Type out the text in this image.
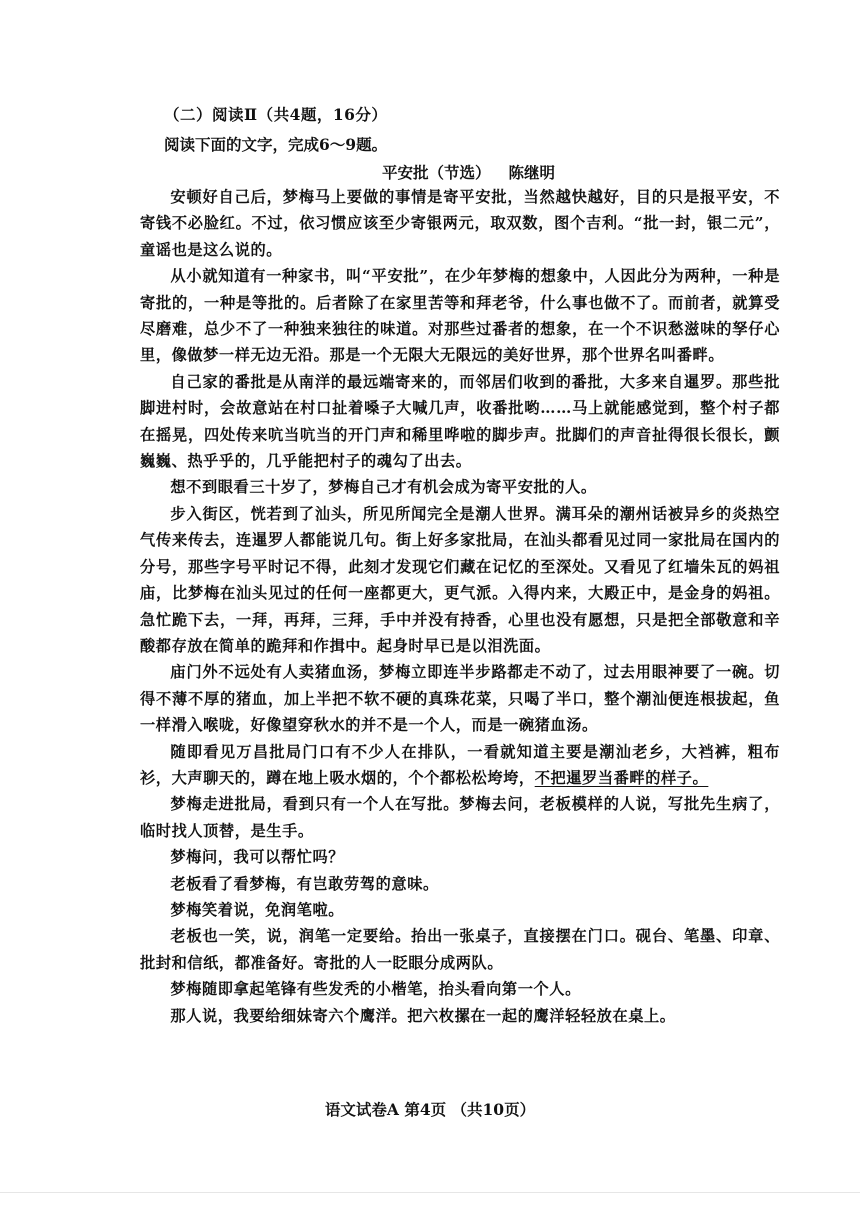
（二）阅读Ⅱ（共4题，16分）
阅读下面的文字，完成6～9题。
平安批（节选） 陈继明

安顿好自己后，梦梅马上要做的事情是寄平安批，当然越快越好，目的只是报平安，不寄钱不必脸红。不过，依习惯应该至少寄银两元，取双数，图个吉利。“批一封，银二元”，童谣也是这么说的。

从小就知道有一种家书，叫“平安批”，在少年梦梅的想象中，人因此分为两种，一种是寄批的，一种是等批的。后者除了在家里苦等和拜老爷，什么事也做不了。而前者，就算受尽磨难，总少不了一种独来独往的味道。对那些过番者的想象，在一个不识愁滋味的孥仔心里，像做梦一样无边无沿。那是一个无限大无限远的美好世界，那个世界名叫番畔。

自己家的番批是从南洋的最远端寄来的，而邻居们收到的番批，大多来自暹罗。那些批脚进村时，会故意站在村口扯着嗓子大喊几声，收番批哟……马上就能感觉到，整个村子都在摇晃，四处传来吭当吭当的开门声和稀里哗啦的脚步声。批脚们的声音扯得很长很长，颤巍巍、热乎乎的，几乎能把村子的魂勾了出去。

想不到眼看三十岁了，梦梅自己才有机会成为寄平安批的人。

步入街区，恍若到了汕头，所见所闻完全是潮人世界。满耳朵的潮州话被异乡的炎热空气传来传去，连暹罗人都能说几句。街上好多家批局，在汕头都看见过同一家批局在国内的分号，那些字号平时记不得，此刻才发现它们藏在记忆的至深处。又看见了红墙朱瓦的妈祖庙，比梦梅在汕头见过的任何一座都更大，更气派。入得内来，大殿正中，是金身的妈祖。急忙跪下去，一拜，再拜，三拜，手中并没有持香，心里也没有愿想，只是把全部敬意和辛酸都存放在简单的跪拜和作揖中。起身时早已是以泪洗面。

庙门外不远处有人卖猪血汤，梦梅立即连半步路都走不动了，过去用眼神要了一碗。切得不薄不厚的猪血，加上半把不软不硬的真珠花菜，只喝了半口，整个潮汕便连根拔起，鱼一样滑入喉咙，好像望穿秋水的并不是一个人，而是一碗猪血汤。

随即看见万昌批局门口有不少人在排队，一看就知道主要是潮汕老乡，大裆裤，粗布衫，大声聊天的，蹲在地上吸水烟的，个个都松松垮垮，不把暹罗当番畔的样子。

梦梅走进批局，看到只有一个人在写批。梦梅去问，老板模样的人说，写批先生病了，临时找人顶替，是生手。

梦梅问，我可以帮忙吗？

老板看了看梦梅，有岂敢劳驾的意味。

梦梅笑着说，免润笔啦。

老板也一笑，说，润笔一定要给。抬出一张桌子，直接摆在门口。砚台、笔墨、印章、批封和信纸，都准备好。寄批的人一眨眼分成两队。

梦梅随即拿起笔锋有些发秃的小楷笔，抬头看向第一个人。

那人说，我要给细妹寄六个鹰洋。把六枚摞在一起的鹰洋轻轻放在桌上。

语文试卷A 第4页 （共10页）
